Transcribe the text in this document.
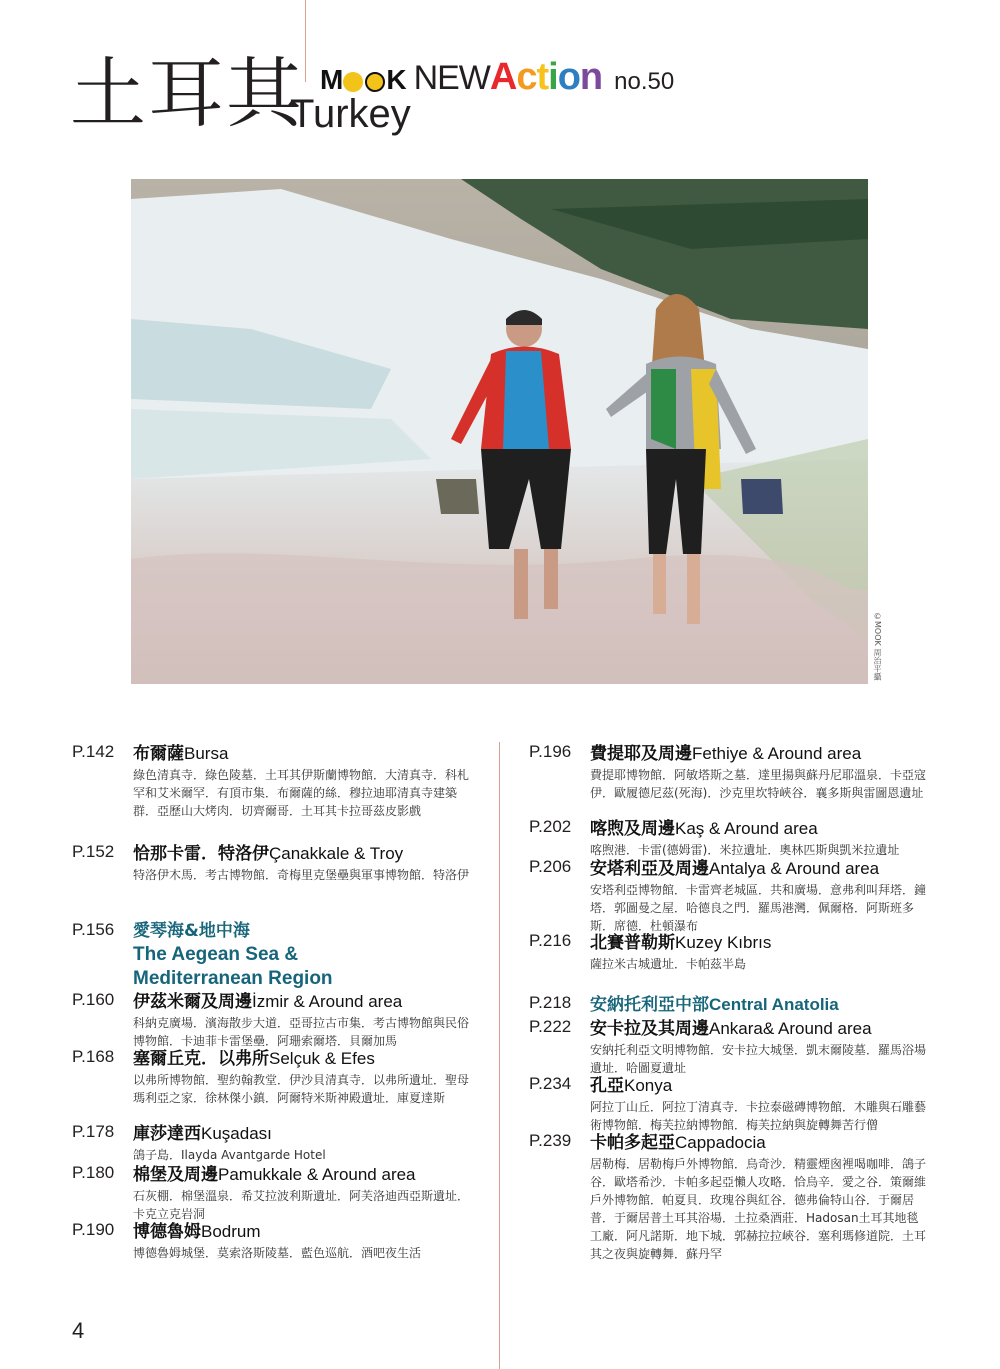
土耳其
Turkey
M K NEWAction no.50
©MOOK 周治平攝
P.142 布爾薩Bursa
綠色清真寺．綠色陵墓．土耳其伊斯蘭博物館．大清真寺．科札罕和艾米爾罕．有頂市集．布爾薩的絲．穆拉迪耶清真寺建築群．亞歷山大烤肉．切齊爾哥．土耳其卡拉哥茲皮影戲
P.152 恰那卡雷．特洛伊Çanakkale & Troy
特洛伊木馬．考古博物館．奇梅里克堡壘與軍事博物館．特洛伊
P.156 愛琴海&地中海
The Aegean Sea &
Mediterranean Region
P.160 伊茲米爾及周邊İzmir & Around area
科納克廣場．濱海散步大道．亞哥拉古市集．考古博物館與民俗博物館．卡迪菲卡雷堡壘．阿珊索爾塔．貝爾加馬
P.168 塞爾丘克．以弗所Selçuk & Efes
以弗所博物館．聖約翰教堂．伊沙貝清真寺．以弗所遺址．聖母瑪利亞之家．徐林傑小鎮．阿爾特米斯神殿遺址．庫夏達斯
P.178 庫莎達西Kuşadası
鴿子島．Ilayda Avantgarde Hotel
P.180 棉堡及周邊Pamukkale & Around area
石灰棚．棉堡溫泉．希艾拉波利斯遺址．阿芙洛迪西亞斯遺址．卡克立克岩洞
P.190 博德魯姆Bodrum
博德魯姆城堡．莫索洛斯陵墓．藍色巡航．酒吧夜生活
P.196 費提耶及周邊Fethiye & Around area
費提耶博物館．阿敏塔斯之墓．達里揚與蘇丹尼耶溫泉．卡亞寇伊．歐履德尼茲(死海)．沙克里坎特峽谷．襄多斯與雷圖恩遺址
P.202 喀煦及周邊Kaş & Around area
喀煦港．卡雷(德姆雷)．米拉遺址．奧林匹斯與凱米拉遺址
P.206 安塔利亞及周邊Antalya & Around area
安塔利亞博物館．卡雷齊老城區．共和廣場．意弗利叫拜塔．鐘塔．郭圖曼之屋．哈德良之門．羅馬港灣．佩爾格．阿斯班多斯．席德．杜頓瀑布
P.216 北賽普勒斯Kuzey Kıbrıs
薩拉米古城遺址．卡帕茲半島
P.218 安納托利亞中部Central Anatolia
P.222 安卡拉及其周邊Ankara& Around area
安納托利亞文明博物館．安卡拉大城堡．凱末爾陵墓．羅馬浴場遺址．哈圖夏遺址
P.234 孔亞Konya
阿拉丁山丘．阿拉丁清真寺．卡拉泰磁磚博物館．木雕與石雕藝術博物館．梅芙拉納博物館．梅芙拉納與旋轉舞苦行僧
P.239 卡帕多起亞Cappadocia
居勒梅．居勒梅戶外博物館．烏奇沙．精靈煙囪裡喝咖啡．鴿子谷．歐塔希沙．卡帕多起亞懶人攻略．恰烏辛．愛之谷．策爾維戶外博物館．帕夏貝．玫瑰谷與紅谷．德弗倫特山谷．于爾居普．于爾居普土耳其浴場．土拉桑酒莊．Hadosan土耳其地毯工廠．阿凡諾斯．地下城．郭赫拉拉峽谷．塞利瑪修道院．土耳其之夜與旋轉舞．蘇丹罕
4
